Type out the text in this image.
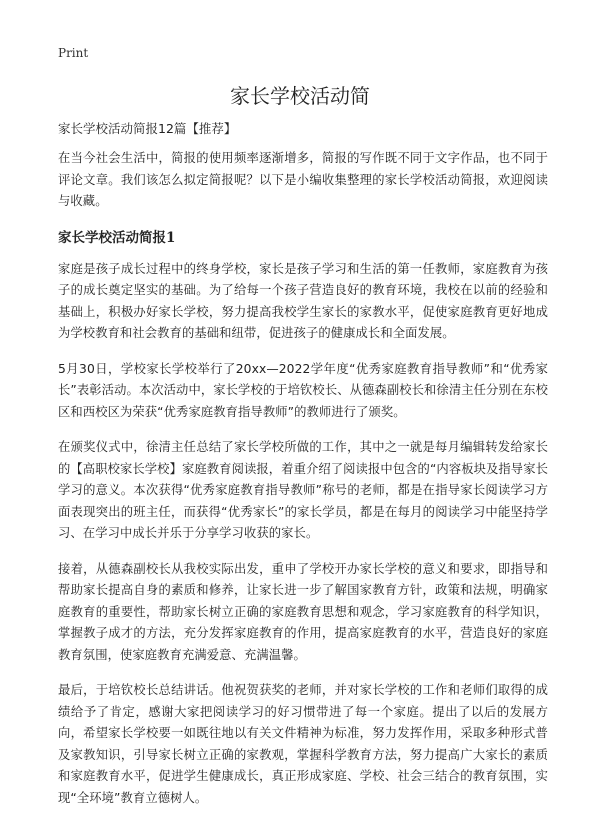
Print
家长学校活动简

家长学校活动简报12篇【推荐】

在当今社会生活中，简报的使用频率逐渐增多，简报的写作既不同于文字作品，也不同于评论文章。我们该怎么拟定简报呢？以下是小编收集整理的家长学校活动简报，欢迎阅读与收藏。

家长学校活动简报1

家庭是孩子成长过程中的终身学校，家长是孩子学习和生活的第一任教师，家庭教育为孩子的成长奠定坚实的基础。为了给每一个孩子营造良好的教育环境，我校在以前的经验和基础上，积极办好家长学校，努力提高我校学生家长的家教水平，促使家庭教育更好地成为学校教育和社会教育的基础和纽带，促进孩子的健康成长和全面发展。

5月30日，学校家长学校举行了20xx—2022学年度“优秀家庭教育指导教师”和“优秀家长”表彰活动。本次活动中，家长学校的于培钦校长、从德森副校长和徐清主任分别在东校区和西校区为荣获“优秀家庭教育指导教师”的教师进行了颁奖。

在颁奖仪式中，徐清主任总结了家长学校所做的工作，其中之一就是每月编辑转发给家长的【高职校家长学校】家庭教育阅读报，着重介绍了阅读报中包含的“内容板块及指导家长学习的意义。本次获得“优秀家庭教育指导教师”称号的老师，都是在指导家长阅读学习方面表现突出的班主任，而获得“优秀家长”的家长学员，都是在每月的阅读学习中能坚持学习、在学习中成长并乐于分享学习收获的家长。

接着，从德森副校长从我校实际出发，重申了学校开办家长学校的意义和要求，即指导和帮助家长提高自身的素质和修养，让家长进一步了解国家教育方针，政策和法规，明确家庭教育的重要性，帮助家长树立正确的家庭教育思想和观念，学习家庭教育的科学知识，掌握教子成才的方法，充分发挥家庭教育的作用，提高家庭教育的水平，营造良好的家庭教育氛围，使家庭教育充满爱意、充满温馨。

最后，于培钦校长总结讲话。他祝贺获奖的老师，并对家长学校的工作和老师们取得的成绩给予了肯定，感谢大家把阅读学习的好习惯带进了每一个家庭。提出了以后的发展方向，希望家长学校要一如既往地以有关文件精神为标准，努力发挥作用，采取多种形式普及家教知识，引导家长树立正确的家教观，掌握科学教育方法，努力提高广大家长的素质和家庭教育水平，促进学生健康成长，真正形成家庭、学校、社会三结合的教育氛围，实现“全环境”教育立德树人。
